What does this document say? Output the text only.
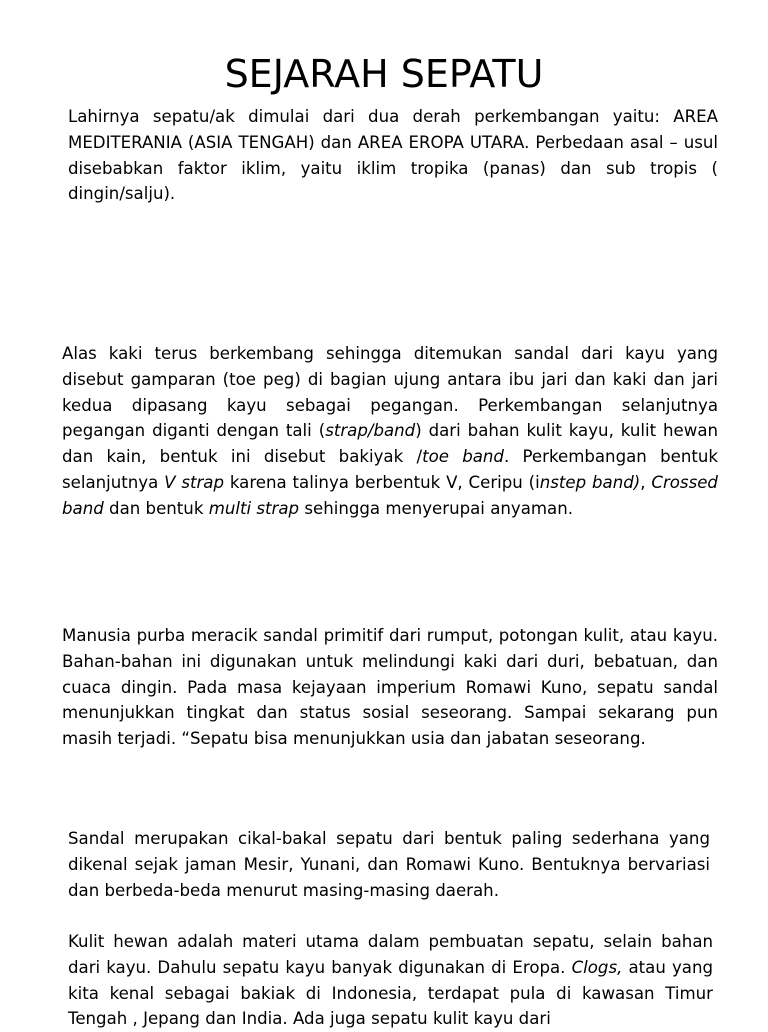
SEJARAH SEPATU
Lahirnya sepatu/ak dimulai dari dua derah perkembangan yaitu: AREA MEDITERANIA (ASIA TENGAH) dan AREA EROPA UTARA. Perbedaan asal – usul disebabkan faktor iklim, yaitu iklim tropika (panas) dan sub tropis ( dingin/salju).
Alas kaki terus berkembang sehingga ditemukan sandal dari kayu yang disebut gamparan (toe peg) di bagian ujung antara ibu jari dan kaki dan jari kedua dipasang kayu sebagai pegangan. Perkembangan selanjutnya pegangan diganti dengan tali (strap/band) dari bahan kulit kayu, kulit hewan dan kain, bentuk ini disebut bakiyak /toe band. Perkembangan bentuk selanjutnya V strap karena talinya berbentuk V, Ceripu (instep band), Crossed band dan bentuk multi strap sehingga menyerupai anyaman.
Manusia purba meracik sandal primitif dari rumput, potongan kulit, atau kayu. Bahan-bahan ini digunakan untuk melindungi kaki dari duri, bebatuan, dan cuaca dingin. Pada masa kejayaan imperium Romawi Kuno, sepatu sandal menunjukkan tingkat dan status sosial seseorang. Sampai sekarang pun masih terjadi. “Sepatu bisa menunjukkan usia dan jabatan seseorang.
Sandal merupakan cikal-bakal sepatu dari bentuk paling sederhana yang dikenal sejak jaman Mesir, Yunani, dan Romawi Kuno. Bentuknya bervariasi dan berbeda-beda menurut masing-masing daerah.
Kulit hewan adalah materi utama dalam pembuatan sepatu, selain bahan dari kayu. Dahulu sepatu kayu banyak digunakan di Eropa. Clogs, atau yang kita kenal sebagai bakiak di Indonesia, terdapat pula di kawasan Timur Tengah , Jepang dan India. Ada juga sepatu kulit kayu dari
